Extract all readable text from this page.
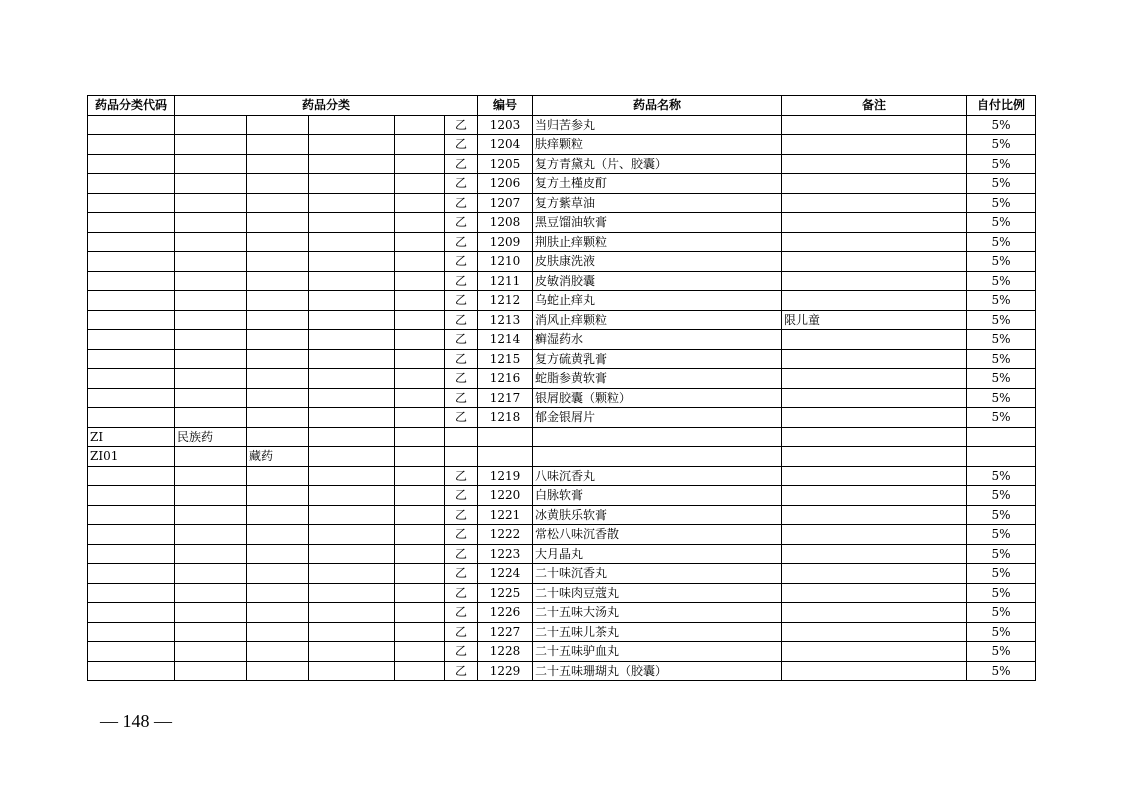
药品分类代码	药品分类					编号	药品名称	备注	自付比例
					乙	1203	当归苦参丸		5%
					乙	1204	肤痒颗粒		5%
					乙	1205	复方青黛丸（片、胶囊）		5%
					乙	1206	复方土槿皮酊		5%
					乙	1207	复方紫草油		5%
					乙	1208	黑豆馏油软膏		5%
					乙	1209	荆肤止痒颗粒		5%
					乙	1210	皮肤康洗液		5%
					乙	1211	皮敏消胶囊		5%
					乙	1212	乌蛇止痒丸		5%
					乙	1213	消风止痒颗粒	限儿童	5%
					乙	1214	癣湿药水		5%
					乙	1215	复方硫黄乳膏		5%
					乙	1216	蛇脂参黄软膏		5%
					乙	1217	银屑胶囊（颗粒）		5%
					乙	1218	郁金银屑片		5%
ZI	民族药								
ZI01		藏药							
					乙	1219	八味沉香丸		5%
					乙	1220	白脉软膏		5%
					乙	1221	冰黄肤乐软膏		5%
					乙	1222	常松八味沉香散		5%
					乙	1223	大月晶丸		5%
					乙	1224	二十味沉香丸		5%
					乙	1225	二十味肉豆蔻丸		5%
					乙	1226	二十五味大汤丸		5%
					乙	1227	二十五味儿茶丸		5%
					乙	1228	二十五味驴血丸		5%
					乙	1229	二十五味珊瑚丸（胶囊）		5%
— 148 —
